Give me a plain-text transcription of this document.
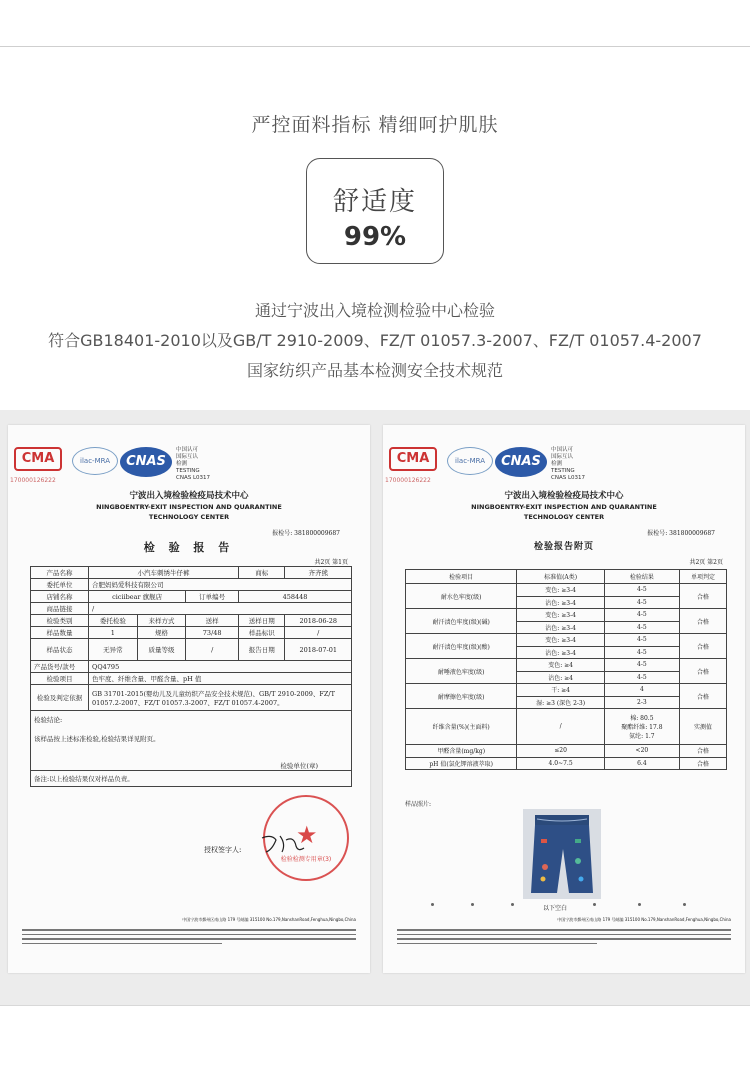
严控面料指标 精细呵护肌肤
舒适度
99%
通过宁波出入境检测检验中心检验
符合GB18401-2010以及GB/T 2910-2009、FZ/T 01057.3-2007、FZ/T 01057.4-2007
国家纺织产品基本检测安全技术规范
CMA
170000126222
ilac-MRA	CNAS
中国认可
国际互认
检测
TESTING
CNAS L0317
宁波出入境检验检疫局技术中心
NINGBOENTRY-EXIT INSPECTION AND QUARANTINE
TECHNOLOGY CENTER
报检号: 381800009687
检 验 报 告
共2页 第1页
产品名称	小汽车刺绣牛仔裤			商标	齐齐熊
委托单位	合肥妈妈爱科技有限公司				
店铺名称	ciciibear 旗舰店		订单编号	458448	
商品链接	/				
检验类别	委托检验	来样方式	送样	送样日期	2018-06-28
样品数量	1	规格	73/48	样品标识	/
样品状态	无异常	质量等级	/	报告日期	2018-07-01
产品货号/款号	QQ4795				
检验项目	色牢度、纤维含量、甲醛含量、pH 值				
检验及判定依据	GB 31701-2015(婴幼儿及儿童纺织产品安全技术规范)、GB/T 2910-2009、FZ/T 01057.2-2007、FZ/T 01057.3-2007、FZ/T 01057.4-2007。				

检验结论:
该样品按上述标准检验,检验结果详见附页。
检验单位(章)					

备注:以上检验结果仅对样品负责。					
★
检验检测专用章(3)
授权签字人:
中国宁波市鄞州区南山路 179 号邮编 315100 No.179,NanshanRoad,Fenghua,Ningbo,China
CMA
170000126222
ilac-MRA	CNAS
中国认可
国际互认
检测
TESTING
CNAS L0317
宁波出入境检验检疫局技术中心
NINGBOENTRY-EXIT INSPECTION AND QUARANTINE
TECHNOLOGY CENTER
报检号: 381800009687
检验报告附页
共2页 第2页
检验项目	标准值(A类)	检验结果	单项判定
耐水色牢度(级)	变色: ≥3-4	4-5	合格
	沾色: ≥3-4	4-5	
耐汗渍色牢度(级)(碱)	变色: ≥3-4	4-5	合格
	沾色: ≥3-4	4-5	
耐汗渍色牢度(级)(酸)	变色: ≥3-4	4-5	合格
	沾色: ≥3-4	4-5	
耐唾液色牢度(级)	变色: ≥4	4-5	合格
	沾色: ≥4	4-5	
耐摩擦色牢度(级)	干: ≥4	4	合格
	湿: ≥3 (深色 2-3)	2-3	
纤维含量(%)(主面料)	/	棉: 80.5
聚酯纤维: 17.8
氨纶: 1.7	实测值
甲醛含量(mg/kg)	≤20	<20	合格
pH 值(氯化钾溶液萃取)	4.0~7.5	6.4	合格
样品照片:
以下空白
中国宁波市鄞州区南山路 179 号邮编 315100 No.179,NanshanRoad,Fenghua,Ningbo,China
